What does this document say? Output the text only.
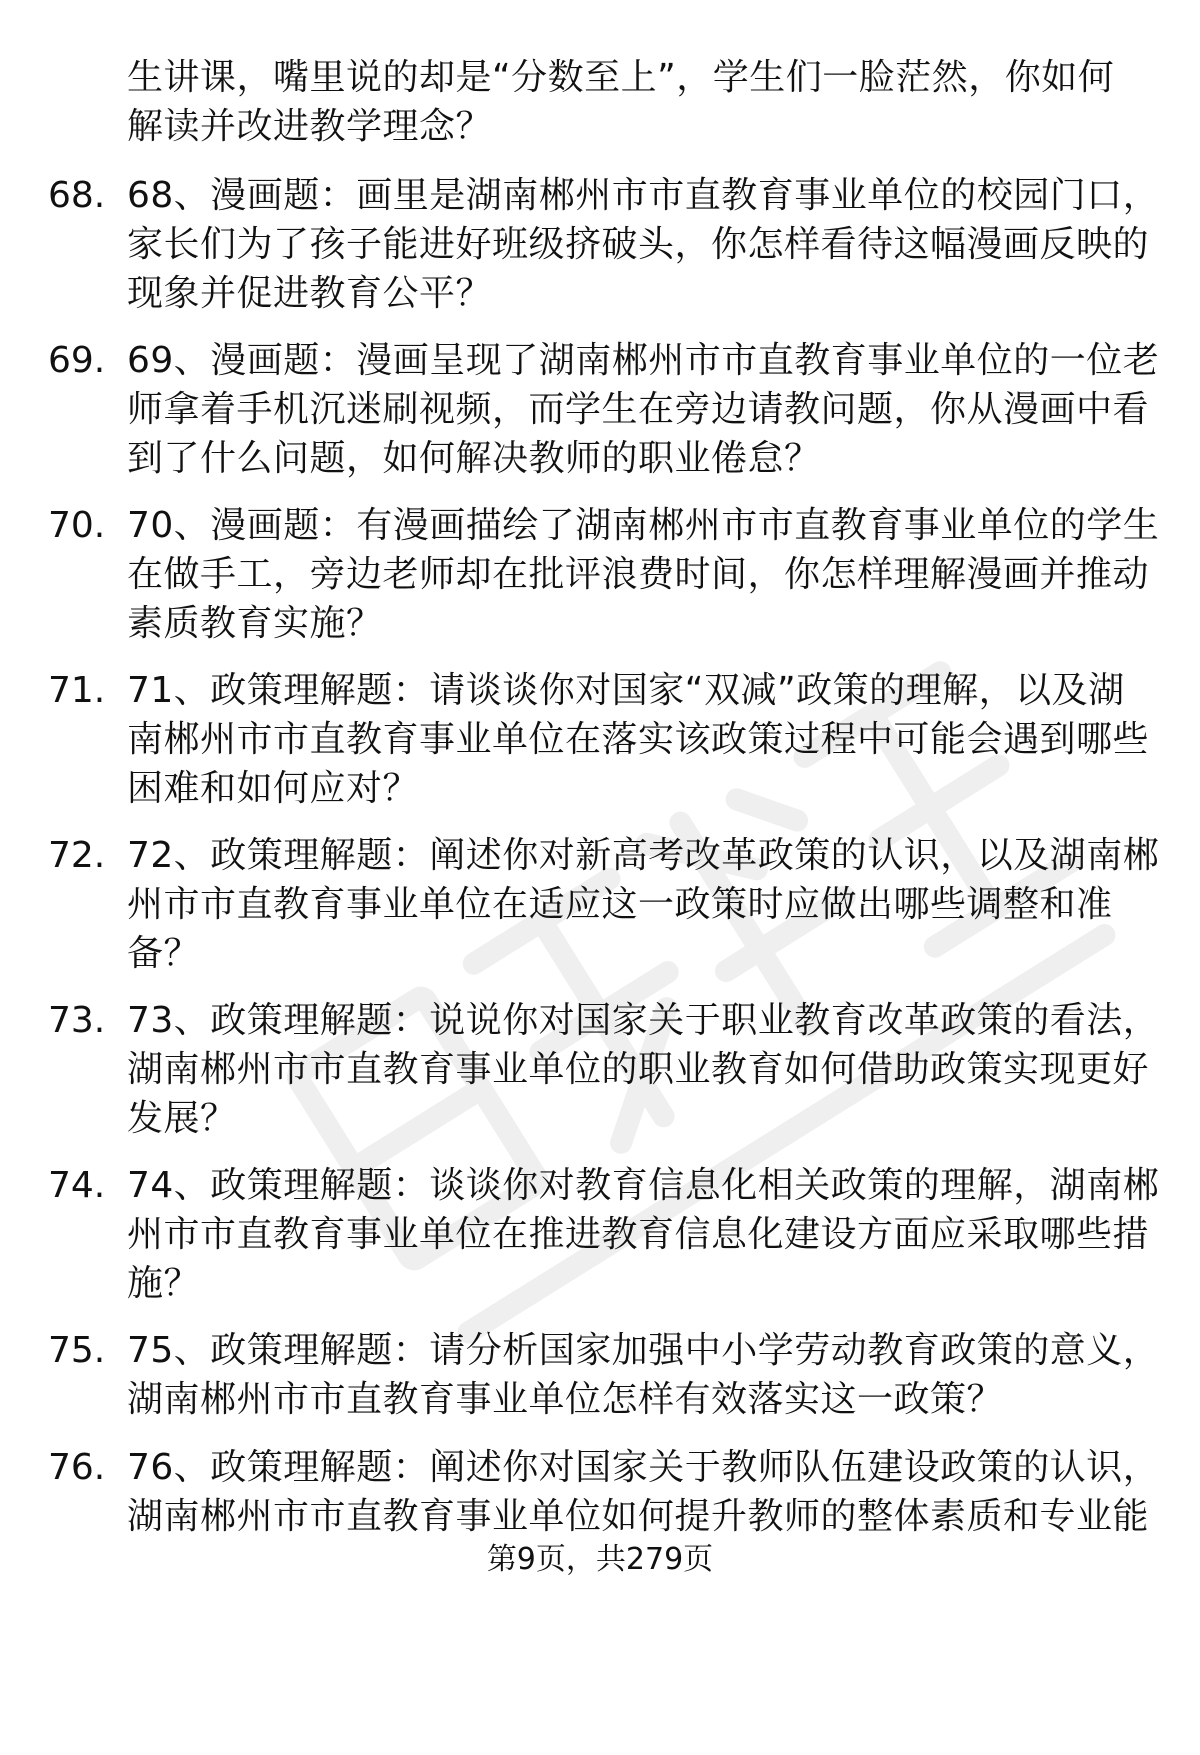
生讲课，嘴里说的却是“分数至上”，学生们一脸茫然，你如何
解读并改进教学理念？
68. 68、漫画题：画里是湖南郴州市市直教育事业单位的校园门口，
家长们为了孩子能进好班级挤破头，你怎样看待这幅漫画反映的
现象并促进教育公平？
69. 69、漫画题：漫画呈现了湖南郴州市市直教育事业单位的一位老
师拿着手机沉迷刷视频，而学生在旁边请教问题，你从漫画中看
到了什么问题，如何解决教师的职业倦怠？
70. 70、漫画题：有漫画描绘了湖南郴州市市直教育事业单位的学生
在做手工，旁边老师却在批评浪费时间，你怎样理解漫画并推动
素质教育实施？
71. 71、政策理解题：请谈谈你对国家“双减”政策的理解，以及湖
南郴州市市直教育事业单位在落实该政策过程中可能会遇到哪些
困难和如何应对？
72. 72、政策理解题：阐述你对新高考改革政策的认识，以及湖南郴
州市市直教育事业单位在适应这一政策时应做出哪些调整和准
备？
73. 73、政策理解题：说说你对国家关于职业教育改革政策的看法，
湖南郴州市市直教育事业单位的职业教育如何借助政策实现更好
发展？
74. 74、政策理解题：谈谈你对教育信息化相关政策的理解，湖南郴
州市市直教育事业单位在推进教育信息化建设方面应采取哪些措
施？
75. 75、政策理解题：请分析国家加强中小学劳动教育政策的意义，
湖南郴州市市直教育事业单位怎样有效落实这一政策？
76. 76、政策理解题：阐述你对国家关于教师队伍建设政策的认识，
湖南郴州市市直教育事业单位如何提升教师的整体素质和专业能
第9页，共279页
